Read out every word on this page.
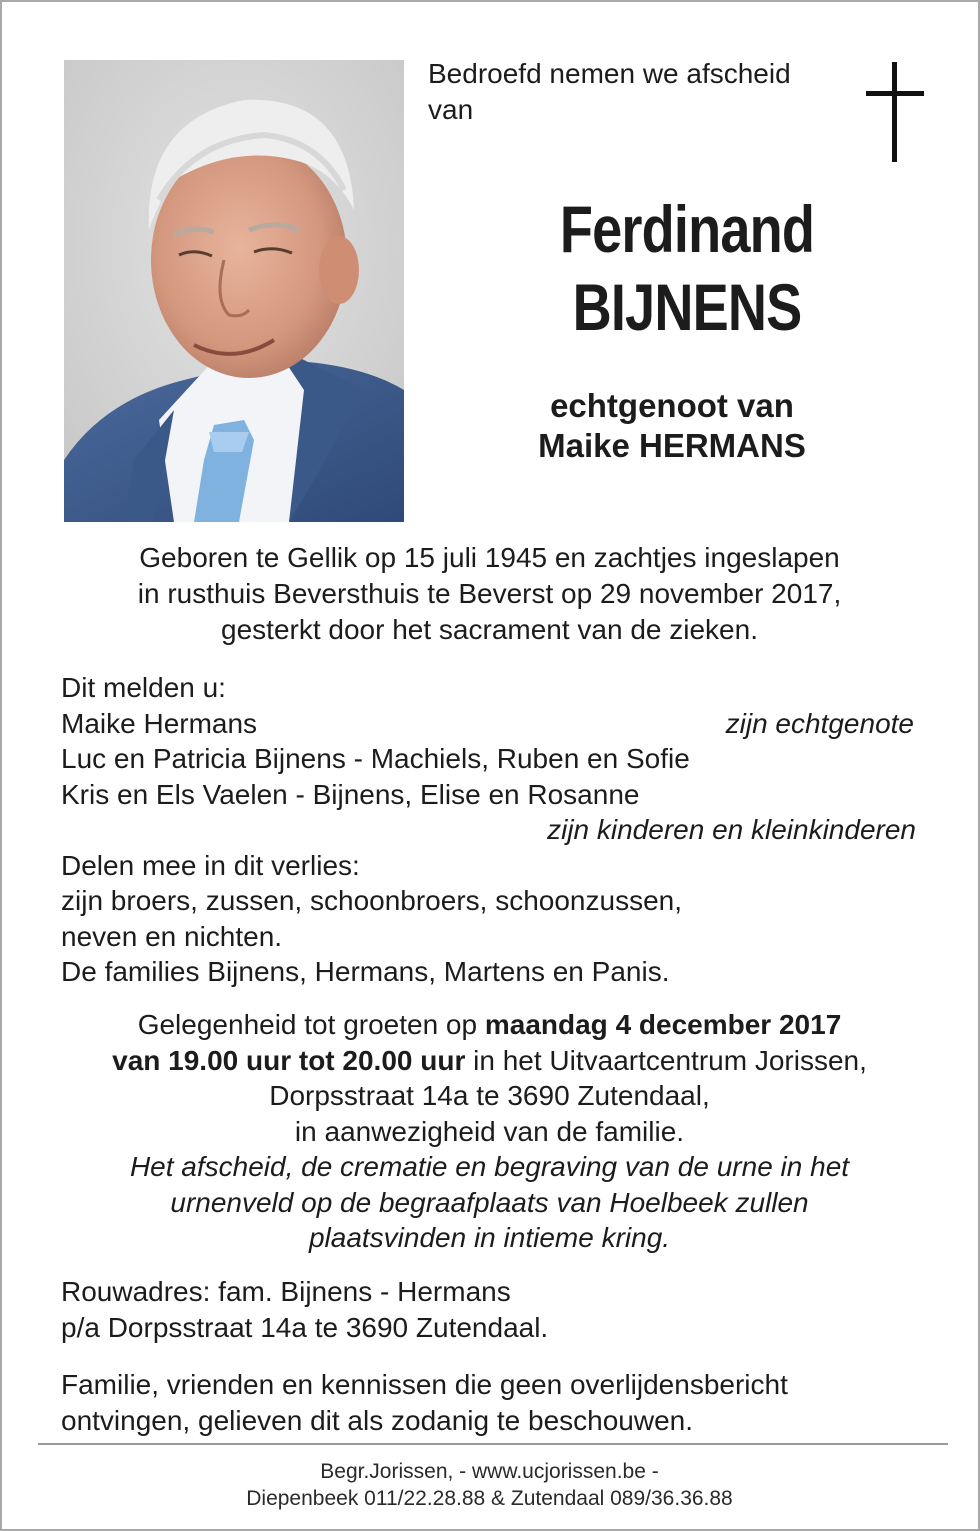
Bedroefd nemen we afscheid
van
Ferdinand
BIJNENS
echtgenoot van
Maike HERMANS
Geboren te Gellik op 15 juli 1945 en zachtjes ingeslapen
in rusthuis Beversthuis te Beverst op 29 november 2017,
gesterkt door het sacrament van de zieken.
Dit melden u:
Maike Hermans	zijn echtgenote
Luc en Patricia Bijnens - Machiels, Ruben en Sofie
Kris en Els Vaelen - Bijnens, Elise en Rosanne
zijn kinderen en kleinkinderen
Delen mee in dit verlies:
zijn broers, zussen, schoonbroers, schoonzussen,
neven en nichten.
De families Bijnens, Hermans, Martens en Panis.
Gelegenheid tot groeten op maandag 4 december 2017
van 19.00 uur tot 20.00 uur in het Uitvaartcentrum Jorissen,
Dorpsstraat 14a te 3690 Zutendaal,
in aanwezigheid van de familie.
Het afscheid, de crematie en begraving van de urne in het
urnenveld op de begraafplaats van Hoelbeek zullen
plaatsvinden in intieme kring.
Rouwadres: fam. Bijnens - Hermans
p/a Dorpsstraat 14a te 3690 Zutendaal.
Familie, vrienden en kennissen die geen overlijdensbericht
ontvingen, gelieven dit als zodanig te beschouwen.
Begr.Jorissen, - www.ucjorissen.be -
Diepenbeek 011/22.28.88 & Zutendaal 089/36.36.88
